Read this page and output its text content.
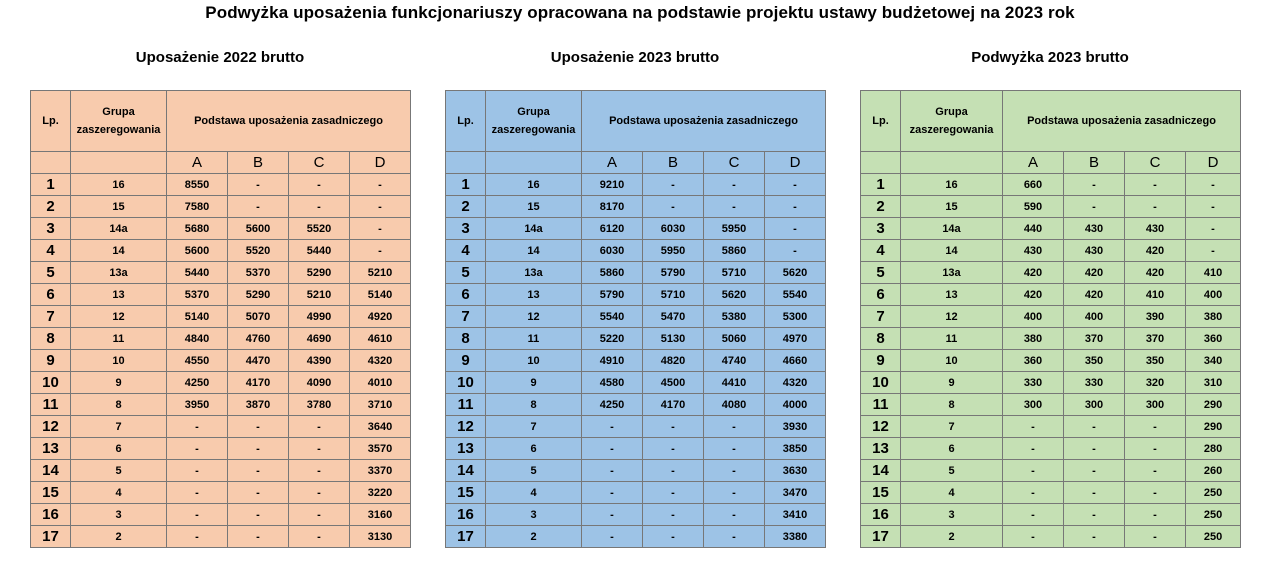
Podwyżka uposażenia funkcjonariuszy opracowana na podstawie projektu ustawy budżetowej na 2023 rok
Uposażenie 2022 brutto
Lp.	Grupa zaszeregowania	Podstawa uposażenia zasadniczego			
		A	B	C	D
1	16	8550	-	-	-
2	15	7580	-	-	-
3	14a	5680	5600	5520	-
4	14	5600	5520	5440	-
5	13a	5440	5370	5290	5210
6	13	5370	5290	5210	5140
7	12	5140	5070	4990	4920
8	11	4840	4760	4690	4610
9	10	4550	4470	4390	4320
10	9	4250	4170	4090	4010
11	8	3950	3870	3780	3710
12	7	-	-	-	3640
13	6	-	-	-	3570
14	5	-	-	-	3370
15	4	-	-	-	3220
16	3	-	-	-	3160
17	2	-	-	-	3130
Uposażenie 2023 brutto
Lp.	Grupa zaszeregowania	Podstawa uposażenia zasadniczego			
		A	B	C	D
1	16	9210	-	-	-
2	15	8170	-	-	-
3	14a	6120	6030	5950	-
4	14	6030	5950	5860	-
5	13a	5860	5790	5710	5620
6	13	5790	5710	5620	5540
7	12	5540	5470	5380	5300
8	11	5220	5130	5060	4970
9	10	4910	4820	4740	4660
10	9	4580	4500	4410	4320
11	8	4250	4170	4080	4000
12	7	-	-	-	3930
13	6	-	-	-	3850
14	5	-	-	-	3630
15	4	-	-	-	3470
16	3	-	-	-	3410
17	2	-	-	-	3380
Podwyżka 2023 brutto
Lp.	Grupa zaszeregowania	Podstawa uposażenia zasadniczego			
		A	B	C	D
1	16	660	-	-	-
2	15	590	-	-	-
3	14a	440	430	430	-
4	14	430	430	420	-
5	13a	420	420	420	410
6	13	420	420	410	400
7	12	400	400	390	380
8	11	380	370	370	360
9	10	360	350	350	340
10	9	330	330	320	310
11	8	300	300	300	290
12	7	-	-	-	290
13	6	-	-	-	280
14	5	-	-	-	260
15	4	-	-	-	250
16	3	-	-	-	250
17	2	-	-	-	250
